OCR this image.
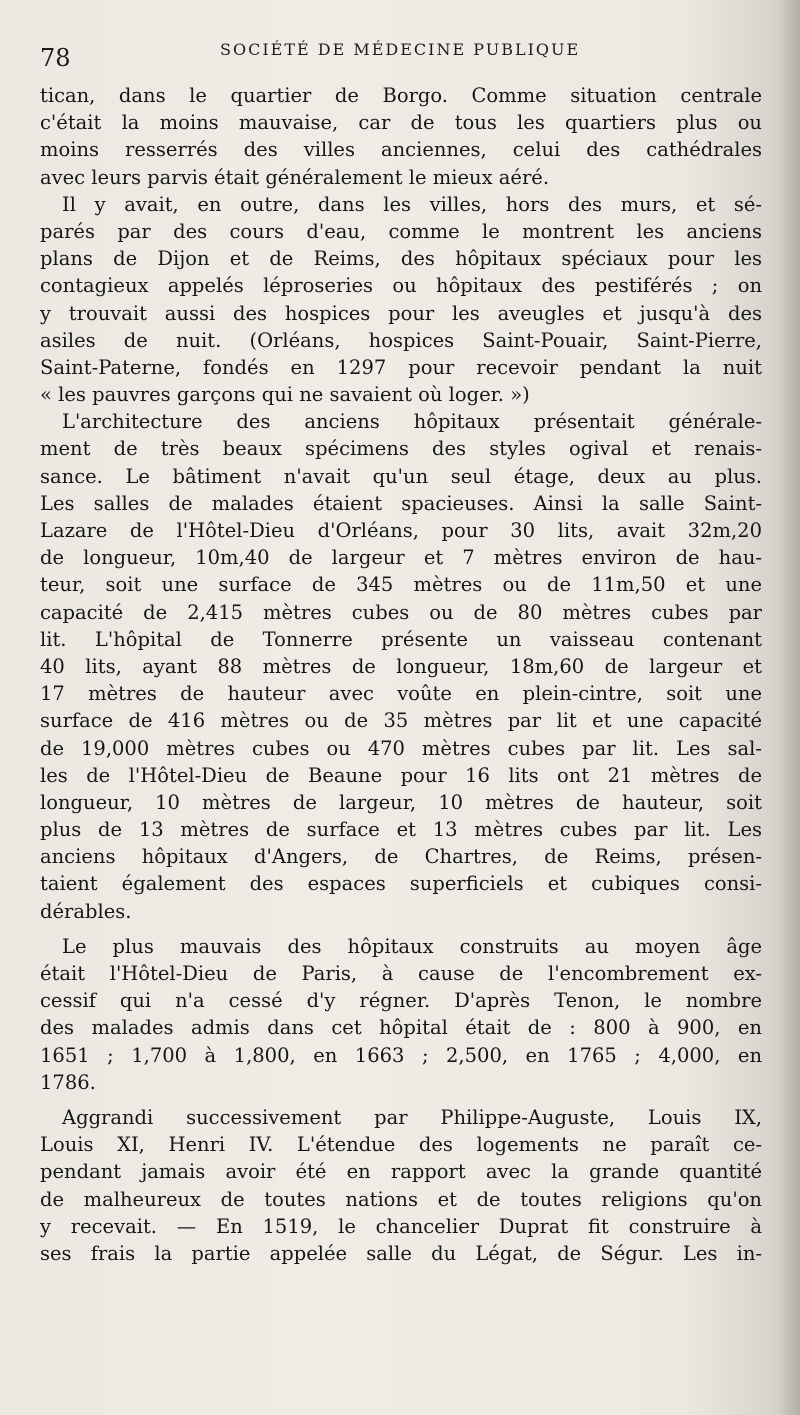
78	SOCIÉTÉ DE MÉDECINE PUBLIQUE
tican, dans le quartier de Borgo. Comme situation centrale
c'était la moins mauvaise, car de tous les quartiers plus ou
moins resserrés des villes anciennes, celui des cathédrales
avec leurs parvis était généralement le mieux aéré.
Il y avait, en outre, dans les villes, hors des murs, et sé-
parés par des cours d'eau, comme le montrent les anciens
plans de Dijon et de Reims, des hôpitaux spéciaux pour les
contagieux appelés léproseries ou hôpitaux des pestiférés ; on
y trouvait aussi des hospices pour les aveugles et jusqu'à des
asiles de nuit. (Orléans, hospices Saint-Pouair, Saint-Pierre,
Saint-Paterne, fondés en 1297 pour recevoir pendant la nuit
« les pauvres garçons qui ne savaient où loger. »)
L'architecture des anciens hôpitaux présentait générale-
ment de très beaux spécimens des styles ogival et renais-
sance. Le bâtiment n'avait qu'un seul étage, deux au plus.
Les salles de malades étaient spacieuses. Ainsi la salle Saint-
Lazare de l'Hôtel-Dieu d'Orléans, pour 30 lits, avait 32m,20
de longueur, 10m,40 de largeur et 7 mètres environ de hau-
teur, soit une surface de 345 mètres ou de 11m,50 et une
capacité de 2,415 mètres cubes ou de 80 mètres cubes par
lit. L'hôpital de Tonnerre présente un vaisseau contenant
40 lits, ayant 88 mètres de longueur, 18m,60 de largeur et
17 mètres de hauteur avec voûte en plein-cintre, soit une
surface de 416 mètres ou de 35 mètres par lit et une capacité
de 19,000 mètres cubes ou 470 mètres cubes par lit. Les sal-
les de l'Hôtel-Dieu de Beaune pour 16 lits ont 21 mètres de
longueur, 10 mètres de largeur, 10 mètres de hauteur, soit
plus de 13 mètres de surface et 13 mètres cubes par lit. Les
anciens hôpitaux d'Angers, de Chartres, de Reims, présen-
taient également des espaces superficiels et cubiques consi-
dérables.
Le plus mauvais des hôpitaux construits au moyen âge
était l'Hôtel-Dieu de Paris, à cause de l'encombrement ex-
cessif qui n'a cessé d'y régner. D'après Tenon, le nombre
des malades admis dans cet hôpital était de : 800 à 900, en
1651 ; 1,700 à 1,800, en 1663 ; 2,500, en 1765 ; 4,000, en
1786.
Aggrandi successivement par Philippe-Auguste, Louis IX,
Louis XI, Henri IV. L'étendue des logements ne paraît ce-
pendant jamais avoir été en rapport avec la grande quantité
de malheureux de toutes nations et de toutes religions qu'on
y recevait. — En 1519, le chancelier Duprat fit construire à
ses frais la partie appelée salle du Légat, de Ségur. Les in-
